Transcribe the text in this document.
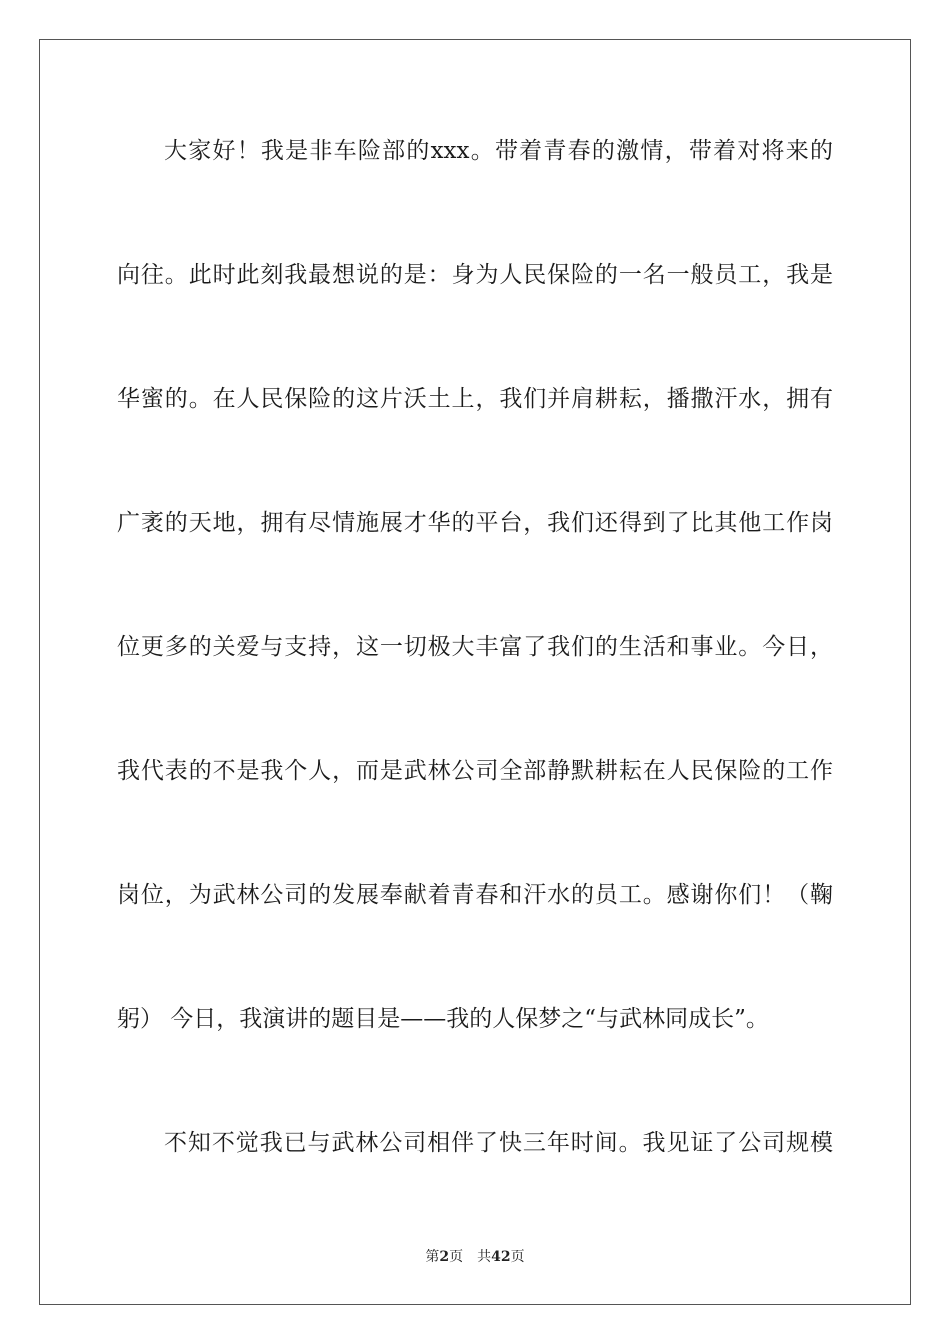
大家好！我是非车险部的xxx。带着青春的激情，带着对将来的
向往。此时此刻我最想说的是：身为人民保险的一名一般员工，我是
华蜜的。在人民保险的这片沃土上，我们并肩耕耘，播撒汗水，拥有
广袤的天地，拥有尽情施展才华的平台，我们还得到了比其他工作岗
位更多的关爱与支持，这一切极大丰富了我们的生活和事业。今日，
我代表的不是我个人，而是武林公司全部静默耕耘在人民保险的工作
岗位，为武林公司的发展奉献着青春和汗水的员工。感谢你们！（鞠
躬） 今日，我演讲的题目是——我的人保梦之“与武林同成长”。
不知不觉我已与武林公司相伴了快三年时间。我见证了公司规模
第2页 共42页
